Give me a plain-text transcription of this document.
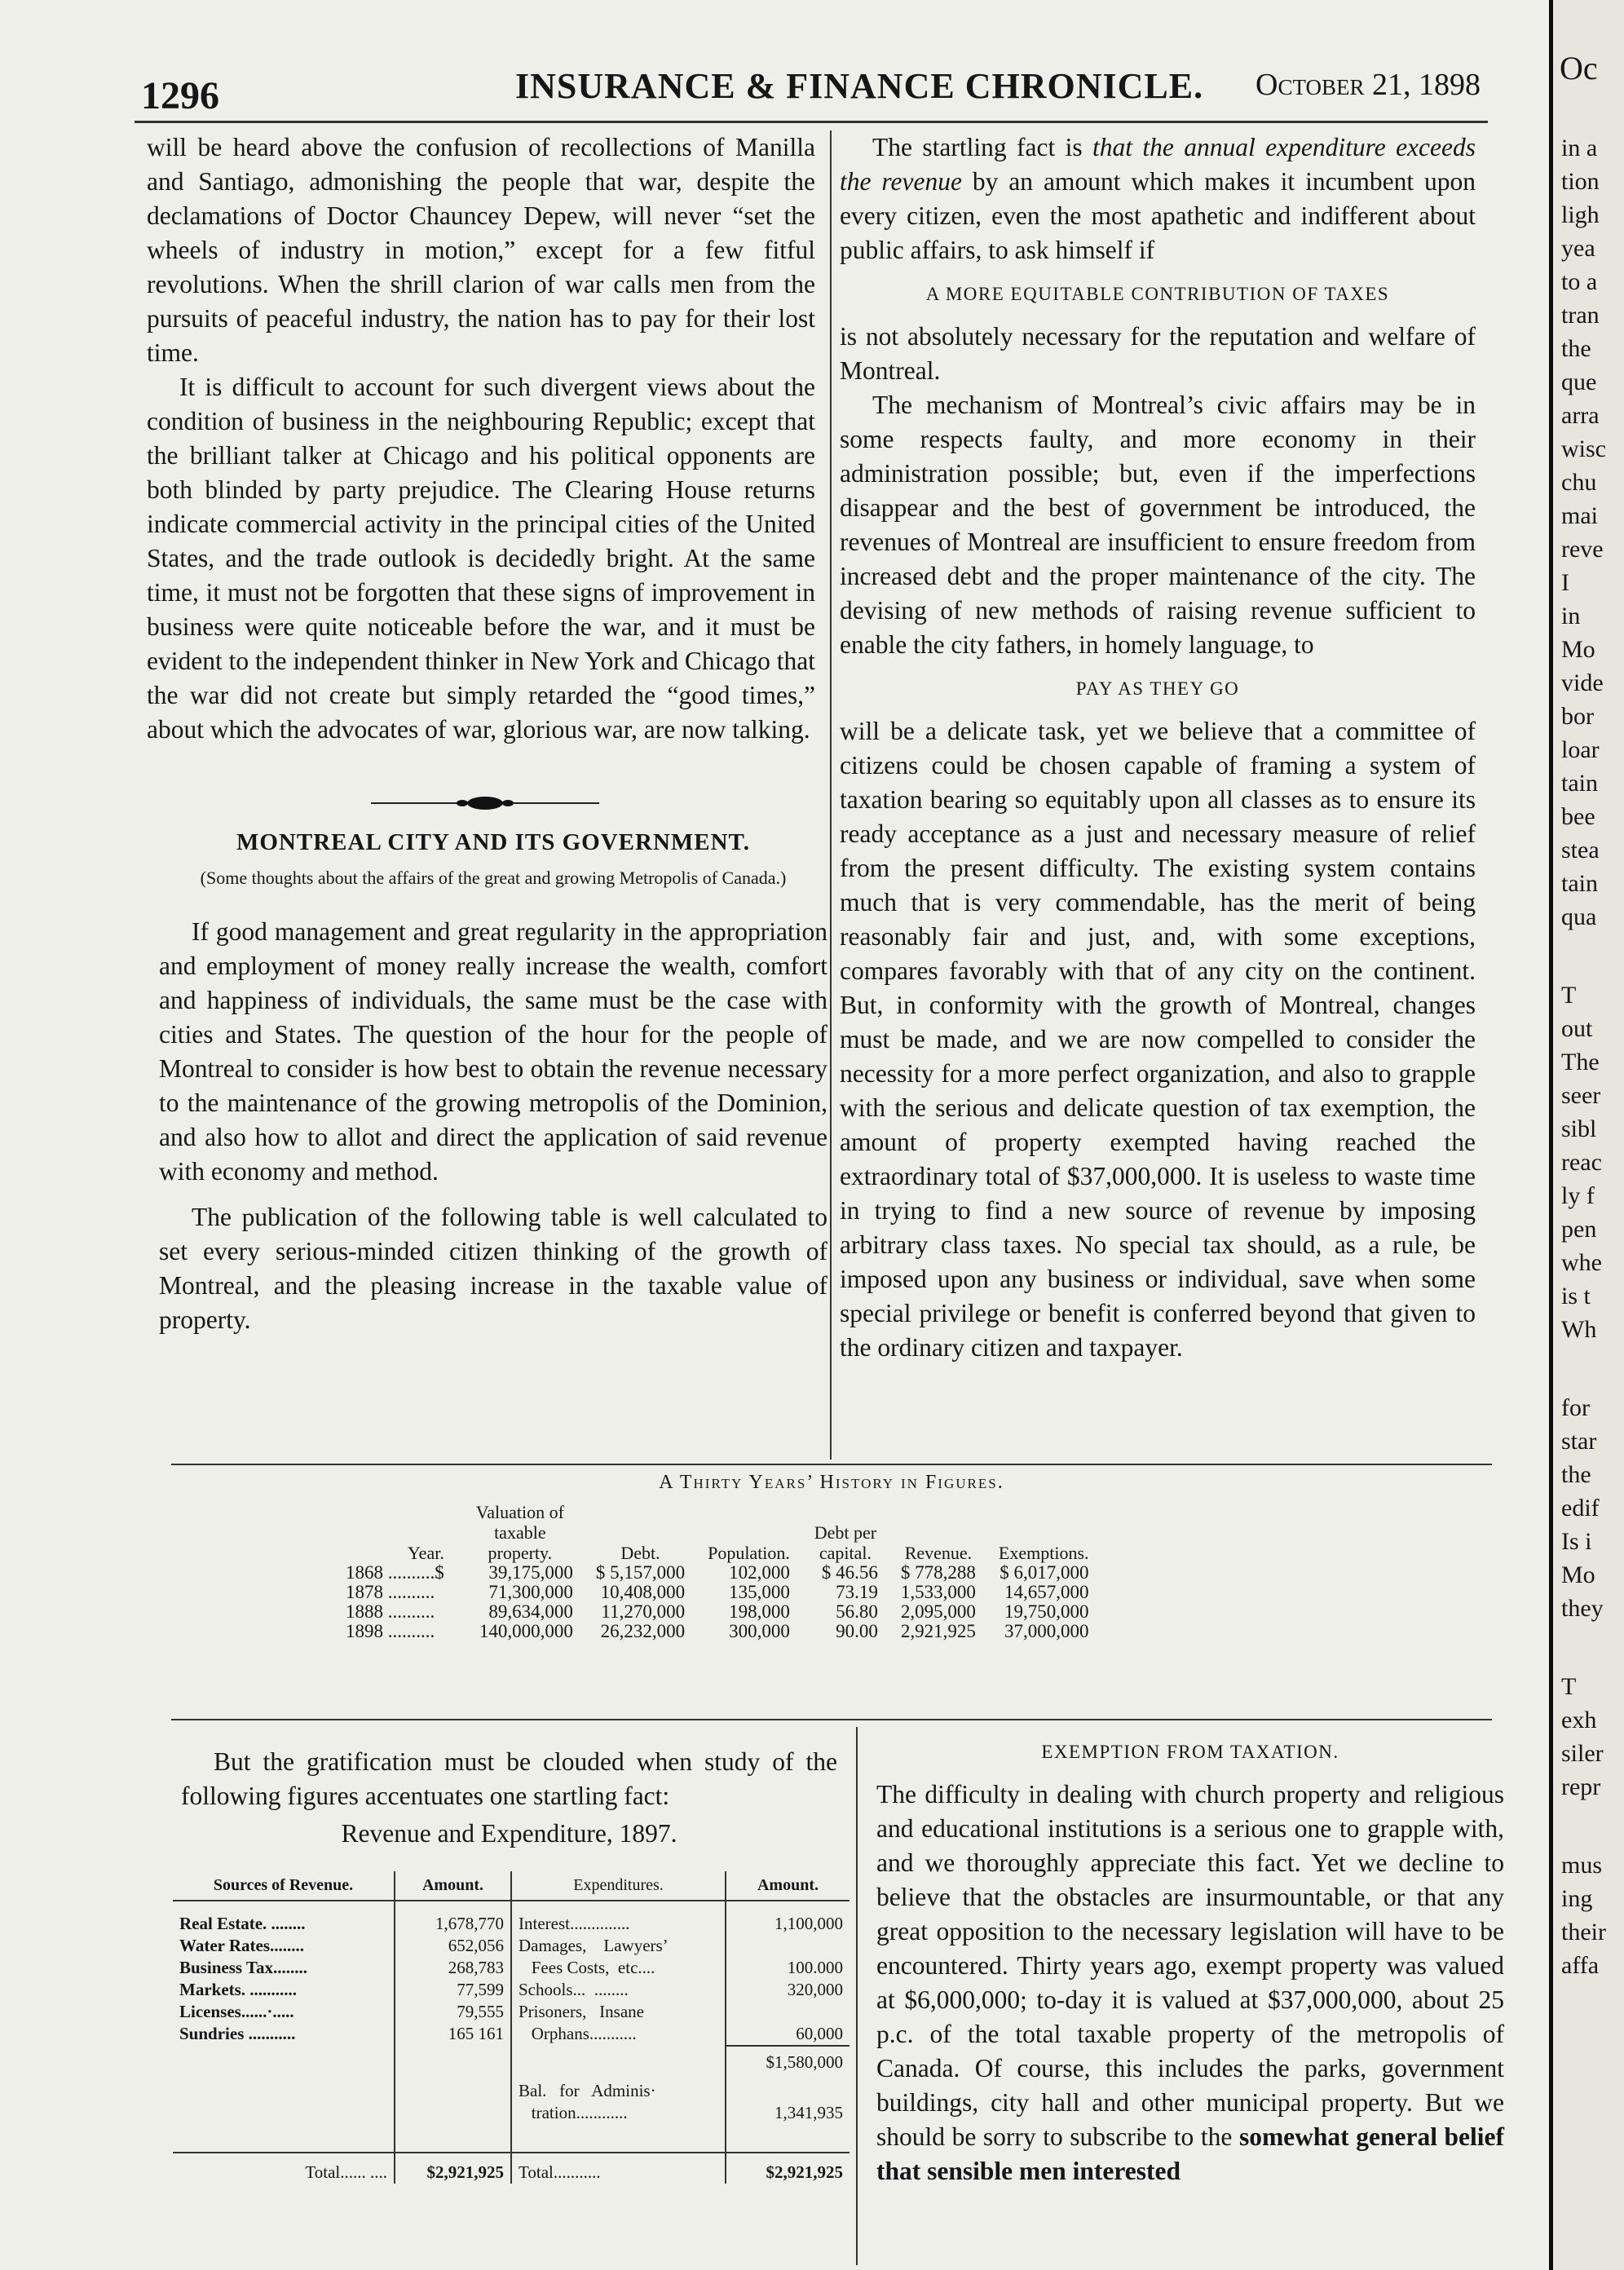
1296	INSURANCE & FINANCE CHRONICLE. October 21, 1898

will be heard above the confusion of recollections of Manilla and Santiago, admonishing the people that war, despite the declamations of Doctor Chauncey Depew, will never “set the wheels of industry in motion,” except for a few fitful revolutions. When the shrill clarion of war calls men from the pursuits of peaceful industry, the nation has to pay for their lost time.

It is difficult to account for such divergent views about the condition of business in the neighbouring Republic; except that the brilliant talker at Chicago and his political opponents are both blinded by party prejudice. The Clearing House returns indicate commercial activity in the principal cities of the United States, and the trade outlook is decidedly bright. At the same time, it must not be forgotten that these signs of improvement in business were quite noticeable before the war, and it must be evident to the independent thinker in New York and Chicago that the war did not create but simply retarded the “good times,” about which the advocates of war, glorious war, are now talking.

MONTREAL CITY AND ITS GOVERNMENT.
(Some thoughts about the affairs of the great and growing Metropolis of Canada.)

If good management and great regularity in the appropriation and employment of money really increase the wealth, comfort and happiness of individuals, the same must be the case with cities and States. The question of the hour for the people of Montreal to consider is how best to obtain the revenue necessary to the maintenance of the growing metropolis of the Dominion, and also how to allot and direct the application of said revenue with economy and method.

The publication of the following table is well calculated to set every serious-minded citizen thinking of the growth of Montreal, and the pleasing increase in the taxable value of property.

The startling fact is that the annual expenditure exceeds the revenue by an amount which makes it incumbent upon every citizen, even the most apathetic and indifferent about public affairs, to ask himself if

A MORE EQUITABLE CONTRIBUTION OF TAXES

is not absolutely necessary for the reputation and welfare of Montreal.

The mechanism of Montreal’s civic affairs may be in some respects faulty, and more economy in their administration possible; but, even if the imperfections disappear and the best of government be introduced, the revenues of Montreal are insufficient to ensure freedom from increased debt and the proper maintenance of the city. The devising of new methods of raising revenue sufficient to enable the city fathers, in homely language, to

PAY AS THEY GO

will be a delicate task, yet we believe that a committee of citizens could be chosen capable of framing a system of taxation bearing so equitably upon all classes as to ensure its ready acceptance as a just and necessary measure of relief from the present difficulty. The existing system contains much that is very commendable, has the merit of being reasonably fair and just, and, with some exceptions, compares favorably with that of any city on the continent. But, in conformity with the growth of Montreal, changes must be made, and we are now compelled to consider the necessity for a more perfect organization, and also to grapple with the serious and delicate question of tax exemption, the amount of property exempted having reached the extraordinary total of $37,000,000. It is useless to waste time in trying to find a new source of revenue by imposing arbitrary class taxes. No special tax should, as a rule, be imposed upon any business or individual, save when some special privilege or benefit is conferred beyond that given to the ordinary citizen and taxpayer.

A Thirty Years’ History in Figures.
Year.	Valuation of taxable property.	Debt.	Population.	Debt per capital.	Revenue.	Exemptions.
1868 ..........$	39,175,000	$ 5,157,000	102,000	$ 46.56	$ 778,288	$ 6,017,000
1878 ..........	71,300,000	10,408,000	135,000	73.19	1,533,000	14,657,000
1888 ..........	89,634,000	11,270,000	198,000	56.80	2,095,000	19,750,000
1898 ..........	140,000,000	26,232,000	300,000	90.00	2,921,925	37,000,000

But the gratification must be clouded when study of the following figures accentuates one startling fact:

Revenue and Expenditure, 1897.
Sources of Revenue.	Amount.	Expenditures.	Amount.
Real Estate. ........	1,678,770	Interest..............	1,100,000
Water Rates........	652,056	Damages,    Lawyers’	
Business Tax........	268,783	Fees Costs,  etc....	100.000
Markets. ...........	77,599	Schools...  ........	320,000
Licenses......·.....	79,555	Prisoners,   Insane	
Sundries ...........	165 161	Orphans...........	60,000
			$1,580,000
		Bal.   for   Adminis·	
		tration............	1,341,935

Total...... ....	$2,921,925	Total...........	$2,921,925
EXEMPTION FROM TAXATION.

The difficulty in dealing with church property and religious and educational institutions is a serious one to grapple with, and we thoroughly appreciate this fact. Yet we decline to believe that the obstacles are insurmountable, or that any great opposition to the necessary legislation will have to be encountered. Thirty years ago, exempt property was valued at $6,000,000; to-day it is valued at $37,000,000, about 25 p.c. of the total taxable property of the metropolis of Canada. Of course, this includes the parks, government buildings, city hall and other municipal property. But we should be sorry to subscribe to the somewhat general belief that sensible men interested

Oc
in a
tion
ligh
yea
to a
tran
the
que
arra
wisc
chu
mai
reve
I
in
Mo
vide
bor
loar
tain
bee
stea
tain
qua
T
out
The
seer
sibl
reac
ly f
pen
whe
is t
Wh
for
star
the
edif
Is i
Mo
they
T
exh
siler
repr
mus
ing
their
affa
